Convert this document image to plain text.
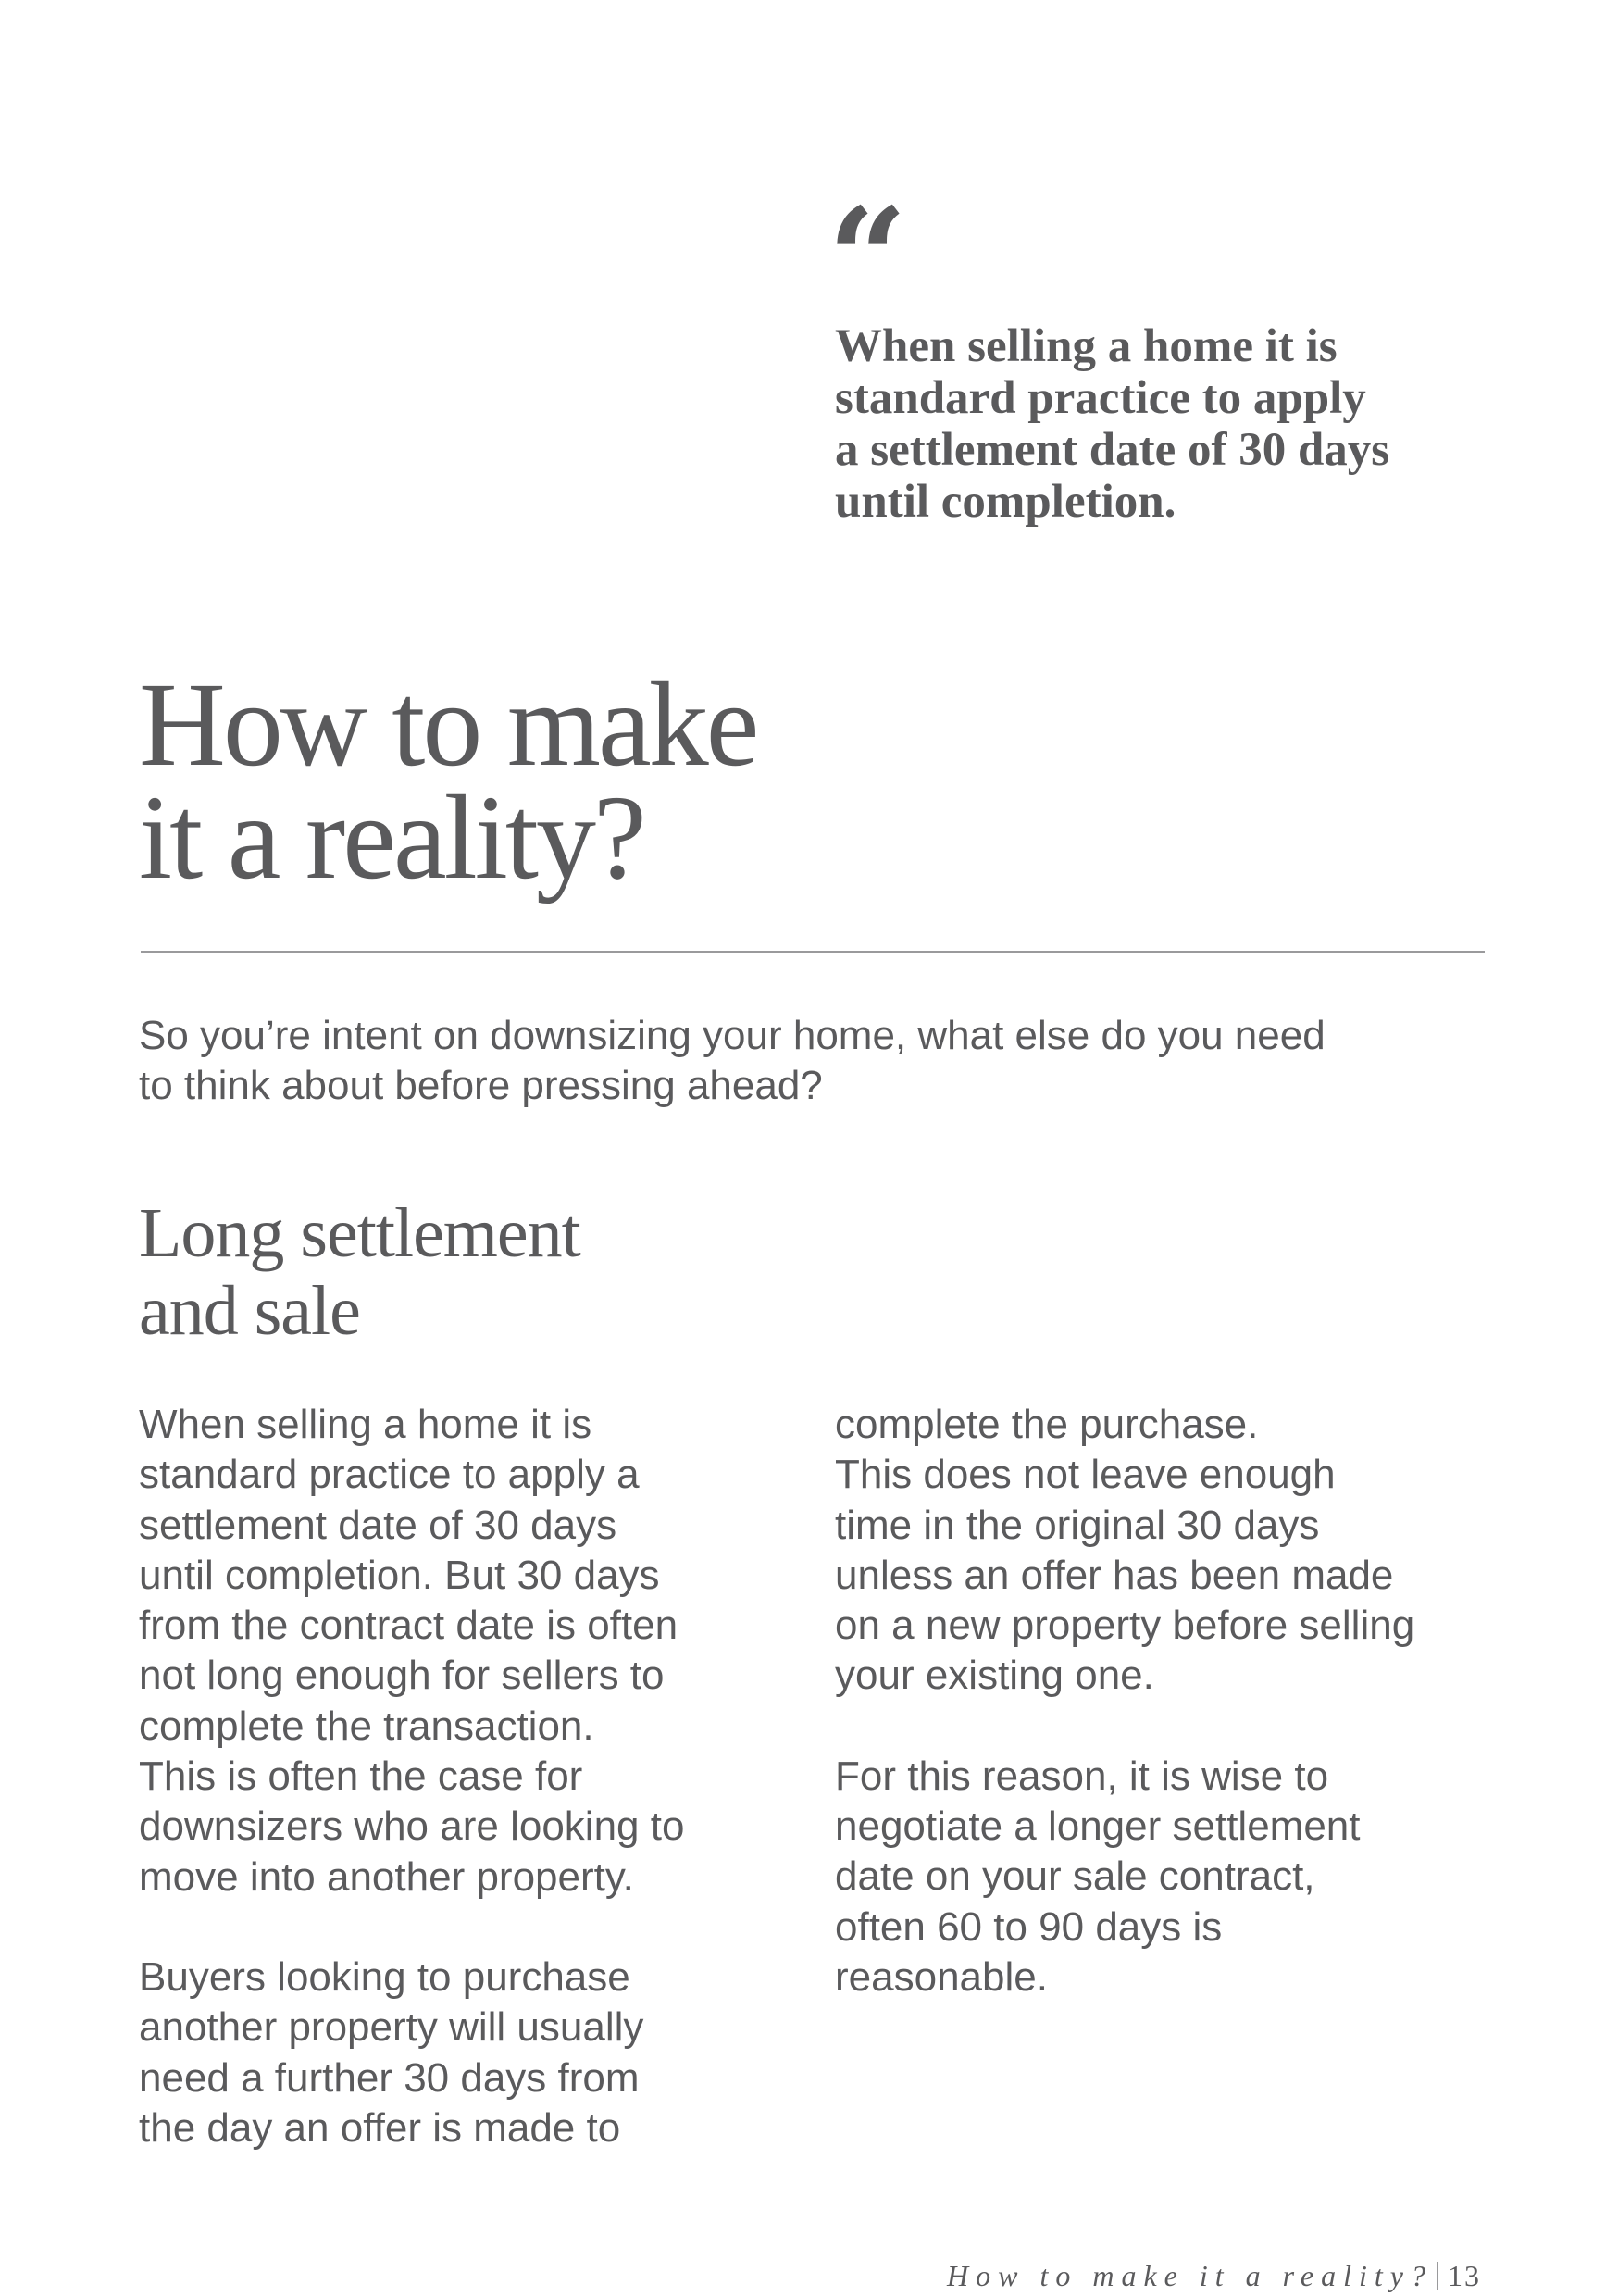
“
When selling a home it is
standard practice to apply
a settlement date of 30 days
until completion.
How to make
it a reality?

So you’re intent on downsizing your home, what else do you need
to think about before pressing ahead?

Long settlement
and sale

When selling a home it is
standard practice to apply a
settlement date of 30 days
until completion. But 30 days
from the contract date is often
not long enough for sellers to
complete the transaction.
This is often the case for
downsizers who are looking to
move into another property.

Buyers looking to purchase
another property will usually
need a further 30 days from
the day an offer is made to

complete the purchase.
This does not leave enough
time in the original 30 days
unless an offer has been made
on a new property before selling
your existing one.

For this reason, it is wise to
negotiate a longer settlement
date on your sale contract,
often 60 to 90 days is
reasonable.

How to make it a reality? 13
